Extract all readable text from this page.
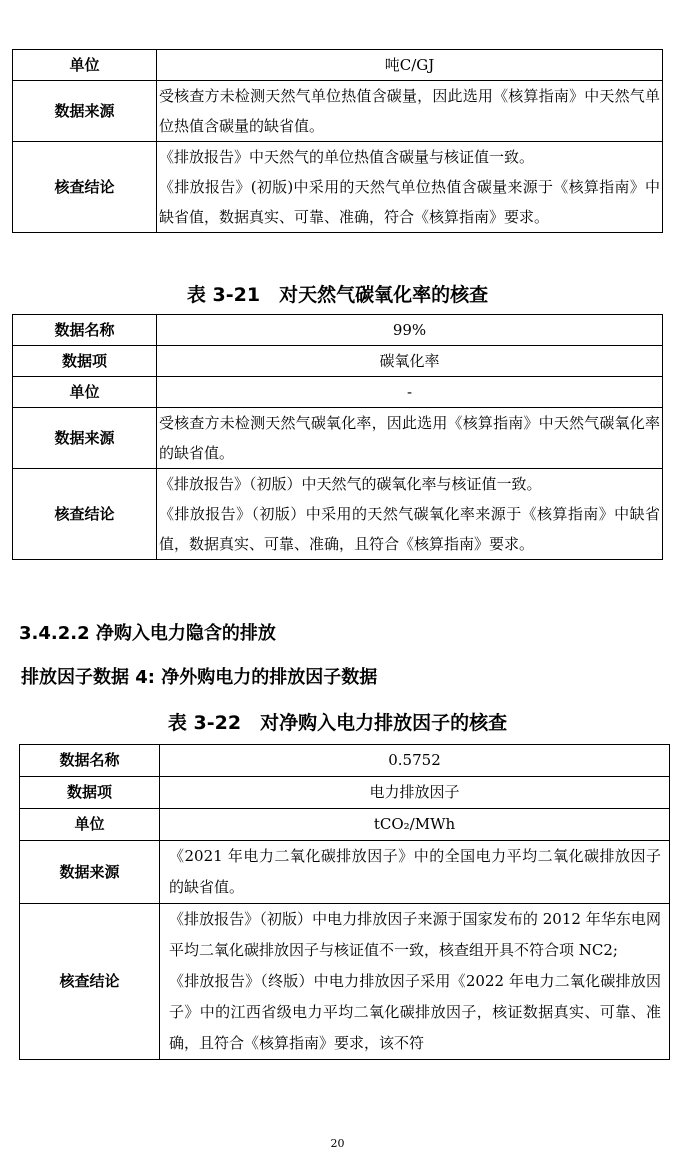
单位	吨C/GJ
数据来源	受核查方未检测天然气单位热值含碳量，因此选用《核算指南》中天然气单位热值含碳量的缺省值。
核查结论	《排放报告》中天然气的单位热值含碳量与核证值一致。

《排放报告》(初版)中采用的天然气单位热值含碳量来源于《核算指南》中缺省值，数据真实、可靠、准确，符合《核算指南》要求。

表 3-21　对天然气碳氧化率的核查
数据名称	99%
数据项	碳氧化率
单位	-
数据来源	受核查方未检测天然气碳氧化率，因此选用《核算指南》中天然气碳氧化率的缺省值。
核查结论	《排放报告》（初版）中天然气的碳氧化率与核证值一致。

《排放报告》（初版）中采用的天然气碳氧化率来源于《核算指南》中缺省值，数据真实、可靠、准确，且符合《核算指南》要求。

3.4.2.2 净购入电力隐含的排放
排放因子数据 4: 净外购电力的排放因子数据
表 3-22　对净购入电力排放因子的核查
数据名称	0.5752
数据项	电力排放因子
单位	tCO₂/MWh
数据来源	《2021 年电力二氧化碳排放因子》中的全国电力平均二氧化碳排放因子的缺省值。
核查结论	《排放报告》（初版）中电力排放因子来源于国家发布的 2012 年华东电网平均二氧化碳排放因子与核证值不一致，核查组开具不符合项 NC2;

《排放报告》（终版）中电力排放因子采用《2022 年电力二氧化碳排放因子》中的江西省级电力平均二氧化碳排放因子，核证数据真实、可靠、准确，且符合《核算指南》要求，该不符

20
